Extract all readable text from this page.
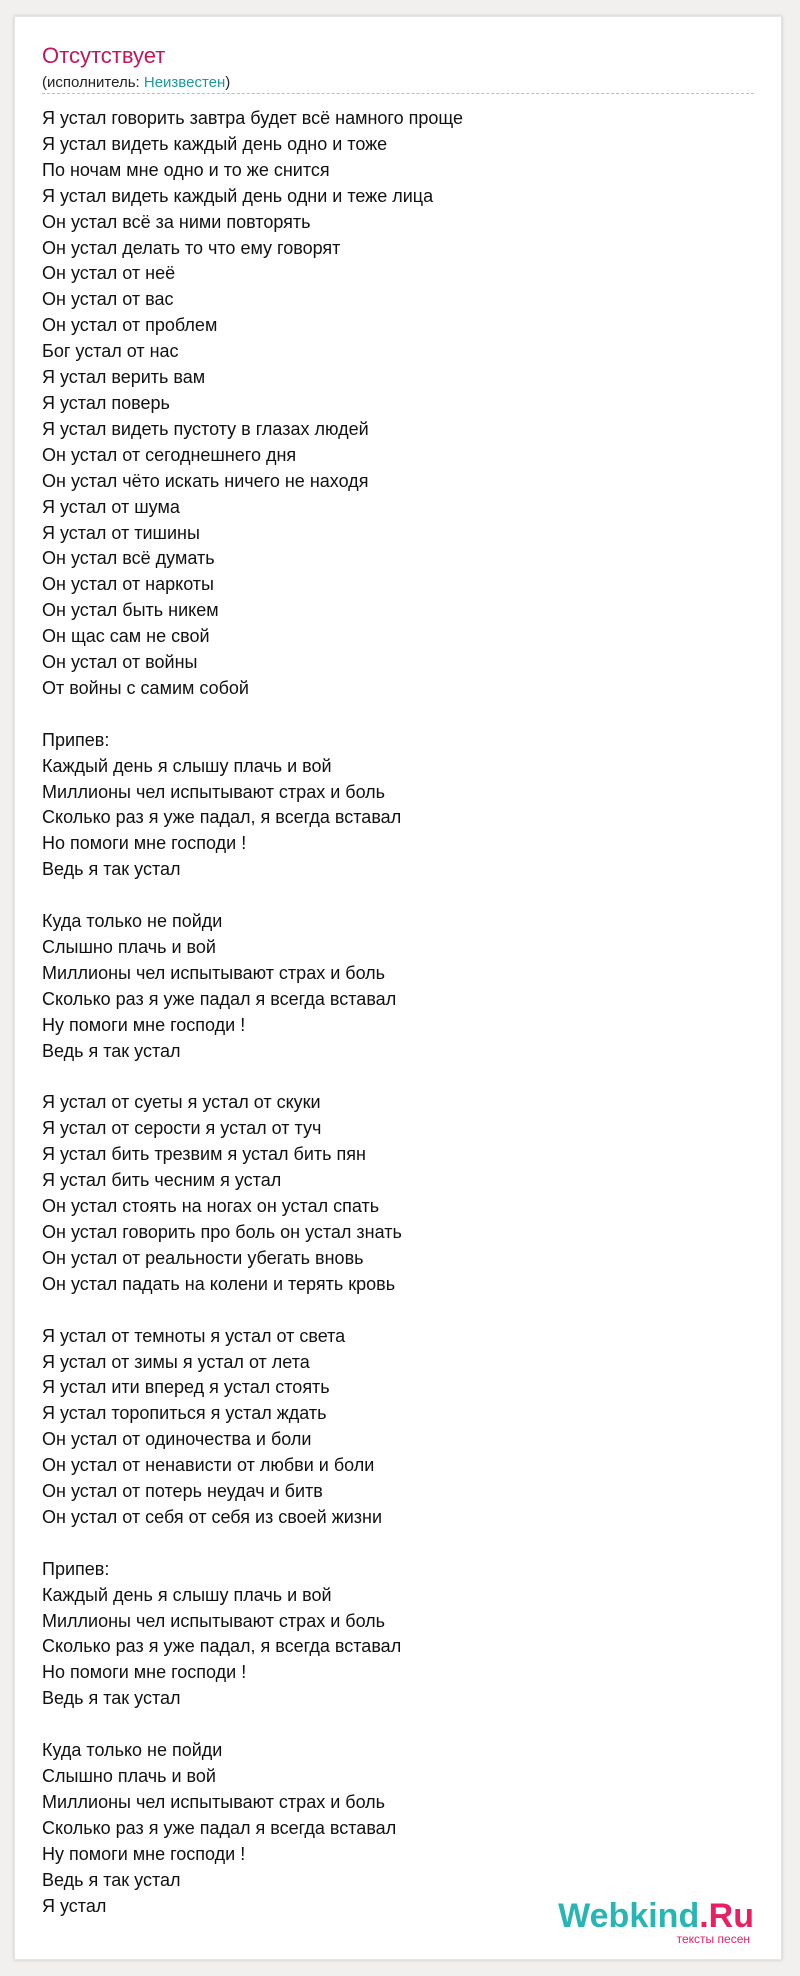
Отсутствует
(исполнитель: Неизвестен)
Я устал говорить завтра будет всё намного проще
Я устал видеть каждый день одно и тоже
По ночам мне одно и то же снится
Я устал видеть каждый день одни и теже лица
Он устал всё за ними повторять
Он устал делать то что ему говорят
Он устал от неё
Он устал от вас
Он устал от проблем
Бог устал от нас
Я устал верить вам
Я устал поверь
Я устал видеть пустоту в глазах людей
Он устал от сегоднешнего дня
Он устал чёто искать ничего не находя
Я устал от шума
Я устал от тишины
Он устал всё думать
Он устал от наркоты
Он устал быть никем
Он щас сам не свой
Он устал от войны
От войны с самим собой

Припев:
Каждый день я слышу плачь и вой
Миллионы чел испытывают страх и боль
Сколько раз я уже падал, я всегда вставал
Но помоги мне господи !
Ведь я так устал

Куда только не пойди
Слышно плачь и вой
Миллионы чел испытывают страх и боль
Сколько раз я уже падал я всегда вставал
Ну помоги мне господи !
Ведь я так устал

Я устал от суеты я устал от скуки
Я устал от серости я устал от туч
Я устал бить трезвим я устал бить пян
Я устал бить чесним я устал
Он устал стоять на ногах он устал спать
Он устал говорить про боль он устал знать
Он устал от реальности убегать вновь
Он устал падать на колени и терять кровь

Я устал от темноты я устал от света
Я устал от зимы я устал от лета
Я устал ити вперед я устал стоять
Я устал торопиться я устал ждать
Он устал от одиночества и боли
Он устал от ненависти от любви и боли
Он устал от потерь неудач и битв
Он устал от себя от себя из своей жизни

Припев:
Каждый день я слышу плачь и вой
Миллионы чел испытывают страх и боль
Сколько раз я уже падал, я всегда вставал
Но помоги мне господи !
Ведь я так устал

Куда только не пойди
Слышно плачь и вой
Миллионы чел испытывают страх и боль
Сколько раз я уже падал я всегда вставал
Ну помоги мне господи !
Ведь я так устал
Я устал	Webkind.Ru
тексты песен
